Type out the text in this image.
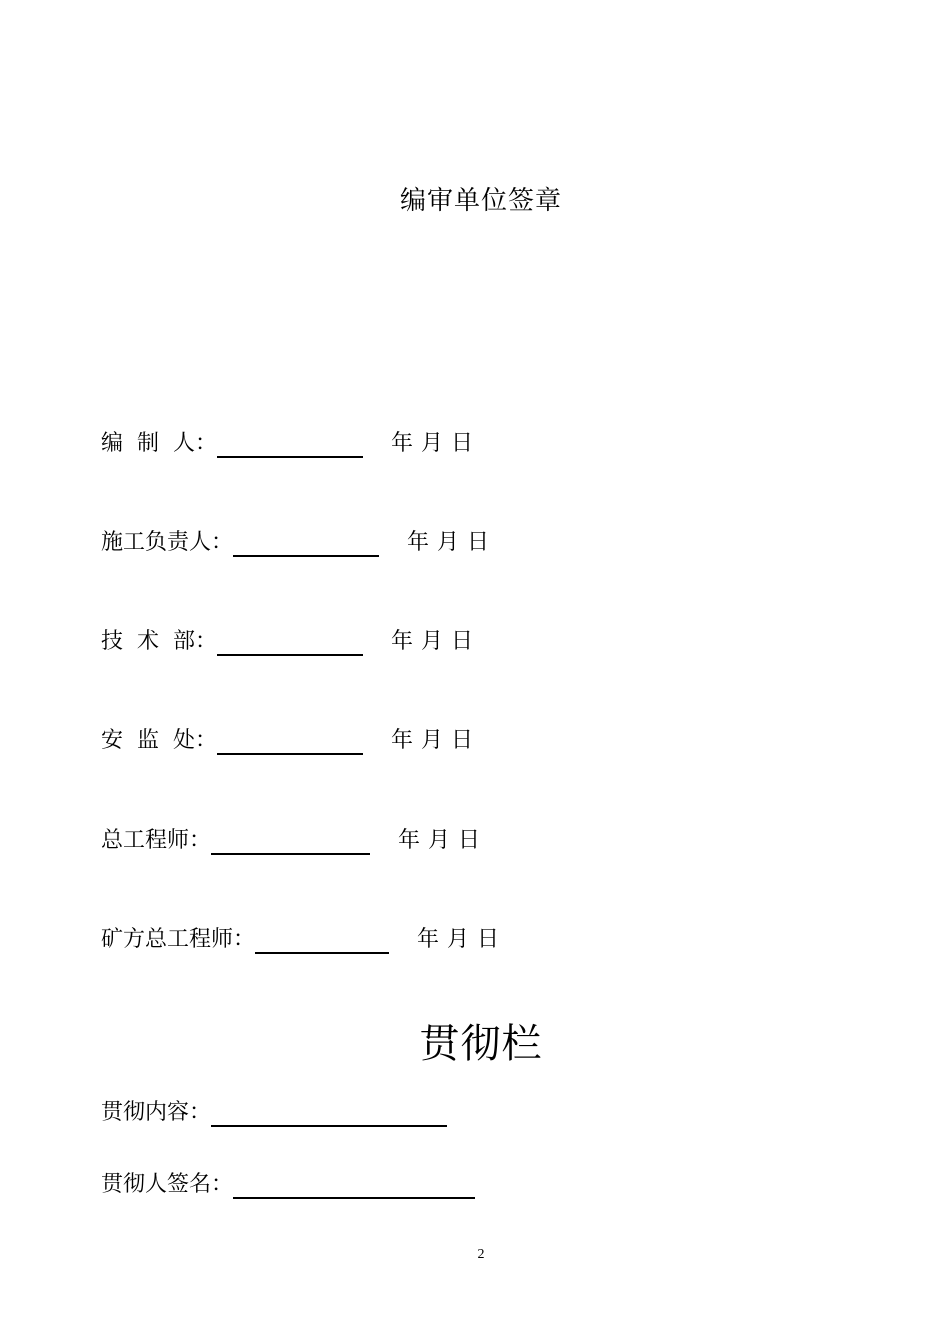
编审单位签章
编  制  人：	年 月 日
施工负责人：	年 月 日
技  术  部：	年 月 日
安  监  处：	年 月 日
总工程师：	年 月 日
矿方总工程师：	年 月 日
贯彻栏
贯彻内容：
贯彻人签名：
2
